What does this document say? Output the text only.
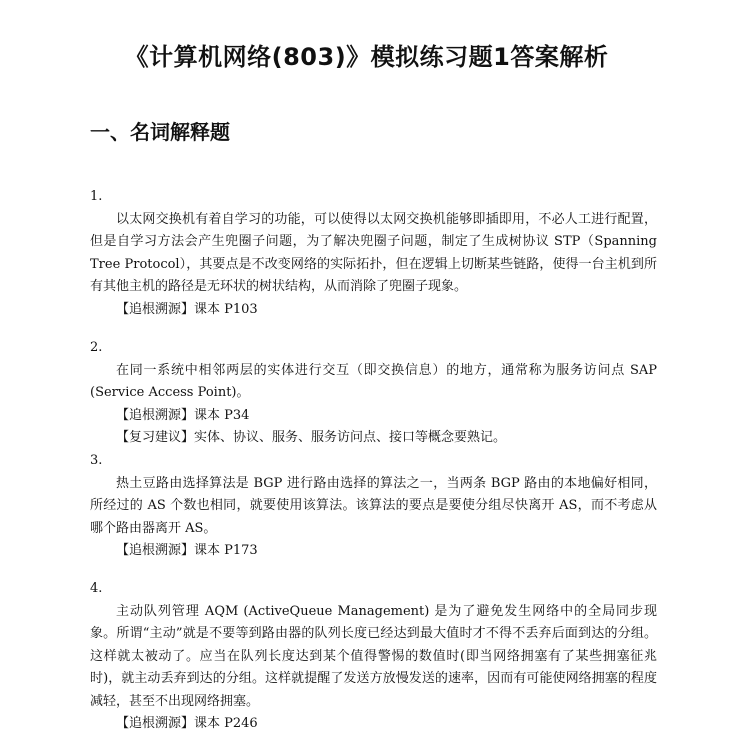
《计算机网络(803)》模拟练习题1答案解析
一、名词解释题
1.

以太网交换机有着自学习的功能，可以使得以太网交换机能够即插即用，不必人工进行配置，但是自学习方法会产生兜圈子问题，为了解决兜圈子问题，制定了生成树协议 STP（Spanning Tree Protocol），其要点是不改变网络的实际拓扑，但在逻辑上切断某些链路，使得一台主机到所有其他主机的路径是无环状的树状结构，从而消除了兜圈子现象。

【追根溯源】课本 P103
2.

在同一系统中相邻两层的实体进行交互（即交换信息）的地方，通常称为服务访问点 SAP (Service Access Point)。

【追根溯源】课本 P34
【复习建议】实体、协议、服务、服务访问点、接口等概念要熟记。
3.

热土豆路由选择算法是 BGP 进行路由选择的算法之一，当两条 BGP 路由的本地偏好相同，所经过的 AS 个数也相同，就要使用该算法。该算法的要点是要使分组尽快离开 AS，而不考虑从哪个路由器离开 AS。

【追根溯源】课本 P173
4.

主动队列管理 AQM (ActiveQueue Management) 是为了避免发生网络中的全局同步现象。所谓“主动”就是不要等到路由器的队列长度已经达到最大值时才不得不丢弃后面到达的分组。这样就太被动了。应当在队列长度达到某个值得警惕的数值时(即当网络拥塞有了某些拥塞征兆时)，就主动丢弃到达的分组。这样就提醒了发送方放慢发送的速率，因而有可能使网络拥塞的程度减轻，甚至不出现网络拥塞。

【追根溯源】课本 P246
